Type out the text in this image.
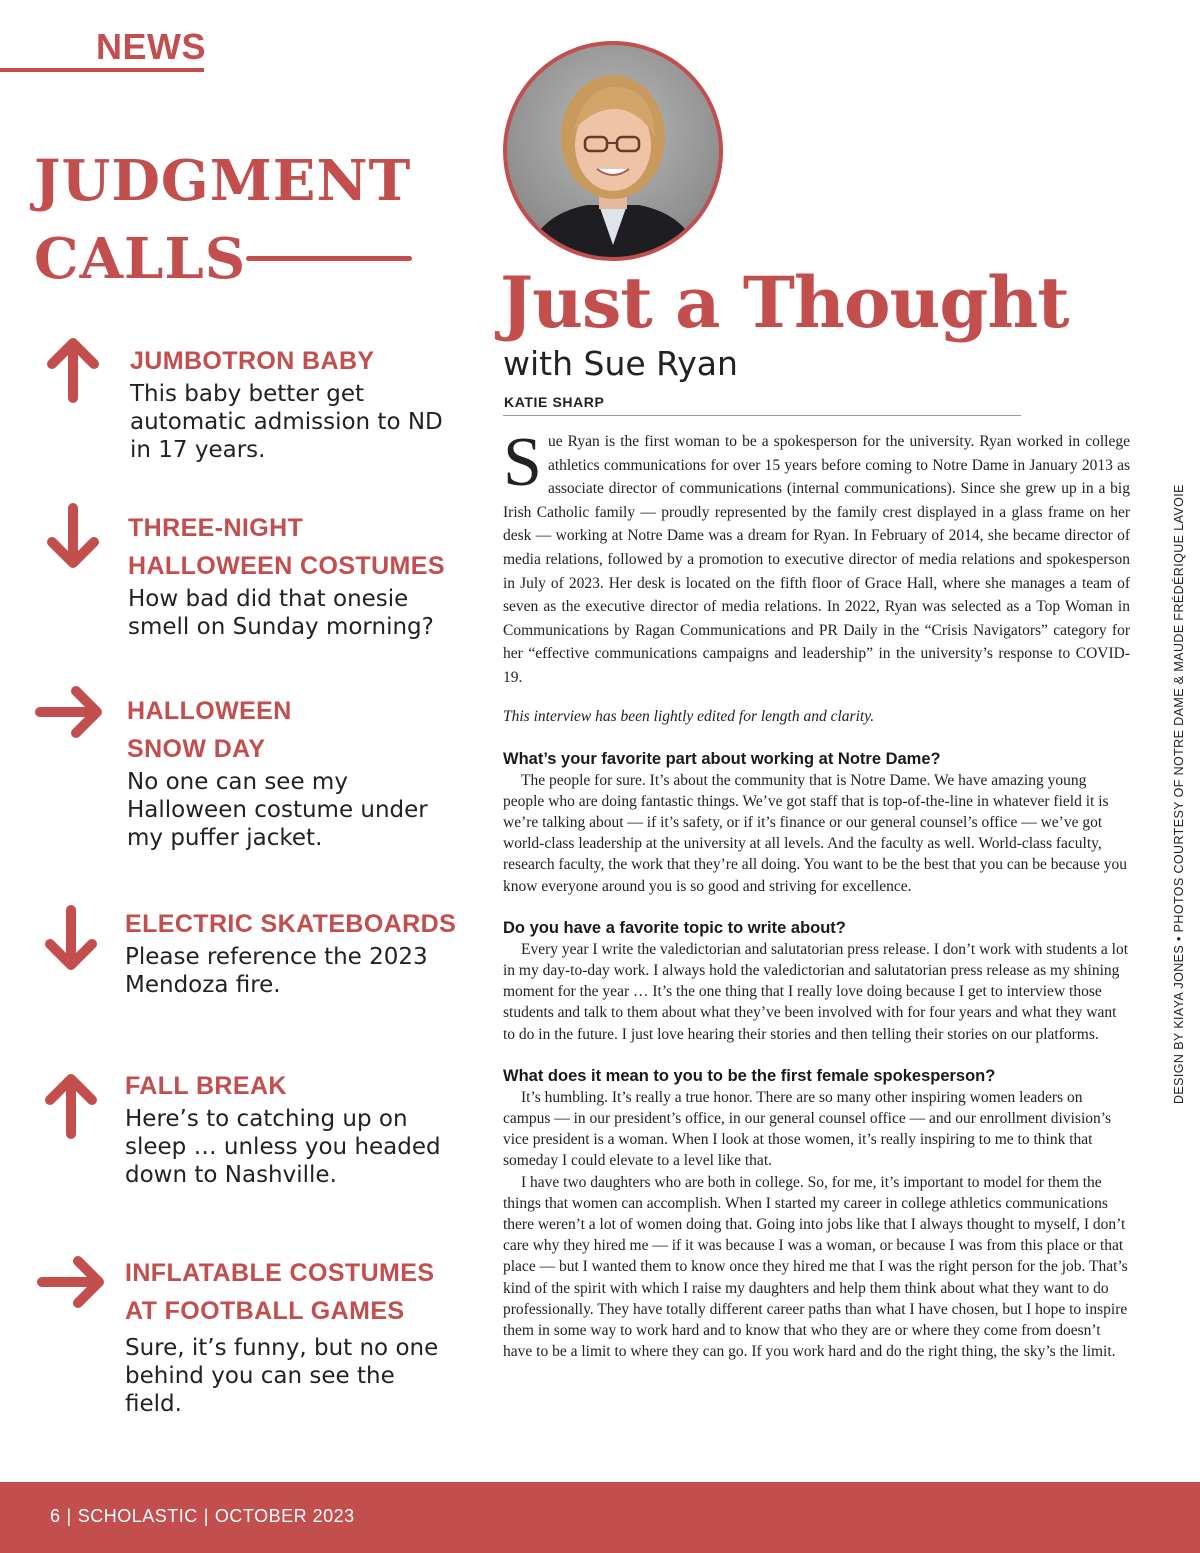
NEWS
JUDGMENT
CALLS
JUMBOTRON BABY
This baby better get
automatic admission to ND
in 17 years.
THREE-NIGHT
HALLOWEEN COSTUMES
How bad did that onesie
smell on Sunday morning?
HALLOWEEN
SNOW DAY
No one can see my
Halloween costume under
my puffer jacket.
ELECTRIC SKATEBOARDS
Please reference the 2023
Mendoza fire.
FALL BREAK
Here’s to catching up on
sleep … unless you headed
down to Nashville.
INFLATABLE COSTUMES
AT FOOTBALL GAMES
Sure, it’s funny, but no one
behind you can see the
field.
Just a Thought
with Sue Ryan
KATIE SHARP

Sue Ryan is the first woman to be a spokesperson for the university. Ryan worked in college athletics communications for over 15 years before coming to Notre Dame in January 2013 as associate director of communications (internal communications). Since she grew up in a big Irish Catholic family — proudly represented by the family crest displayed in a glass frame on her desk — working at Notre Dame was a dream for Ryan. In February of 2014, she became director of media relations, followed by a promotion to executive director of media relations and spokesperson in July of 2023. Her desk is located on the fifth floor of Grace Hall, where she manages a team of seven as the executive director of media relations. In 2022, Ryan was selected as a Top Woman in Communications by Ragan Communications and PR Daily in the “Crisis Navigators” category for her “effective communications campaigns and leadership” in the university’s response to COVID-19.

This interview has been lightly edited for length and clarity.

What’s your favorite part about working at Notre Dame?

The people for sure. It’s about the community that is Notre Dame. We have amazing young people who are doing fantastic things. We’ve got staff that is top-of-the-line in whatever field it is we’re talking about — if it’s safety, or if it’s finance or our general counsel’s office — we’ve got world-class leadership at the university at all levels. And the faculty as well. World-class faculty, research faculty, the work that they’re all doing. You want to be the best that you can be because you know everyone around you is so good and striving for excellence.

Do you have a favorite topic to write about?

Every year I write the valedictorian and salutatorian press release. I don’t work with students a lot in my day-to-day work. I always hold the valedictorian and salutatorian press release as my shining moment for the year … It’s the one thing that I really love doing because I get to interview those students and talk to them about what they’ve been involved with for four years and what they want to do in the future. I just love hearing their stories and then telling their stories on our platforms.

What does it mean to you to be the first female spokesperson?

It’s humbling. It’s really a true honor. There are so many other inspiring women leaders on campus — in our president’s office, in our general counsel office — and our enrollment division’s vice president is a woman. When I look at those women, it’s really inspiring to me to think that someday I could elevate to a level like that.

I have two daughters who are both in college. So, for me, it’s important to model for them the things that women can accomplish. When I started my career in college athletics communications there weren’t a lot of women doing that. Going into jobs like that I always thought to myself, I don’t care why they hired me — if it was because I was a woman, or because I was from this place or that place — but I wanted them to know once they hired me that I was the right person for the job. That’s kind of the spirit with which I raise my daughters and help them think about what they want to do professionally. They have totally different career paths than what I have chosen, but I hope to inspire them in some way to work hard and to know that who they are or where they come from doesn’t have to be a limit to where they can go. If you work hard and do the right thing, the sky’s the limit.

DESIGN BY KIAYA JONES • PHOTOS COURTESY OF NOTRE DAME & MAUDE FRÉDÉRIQUE LAVOIE
6 | SCHOLASTIC | OCTOBER 2023
